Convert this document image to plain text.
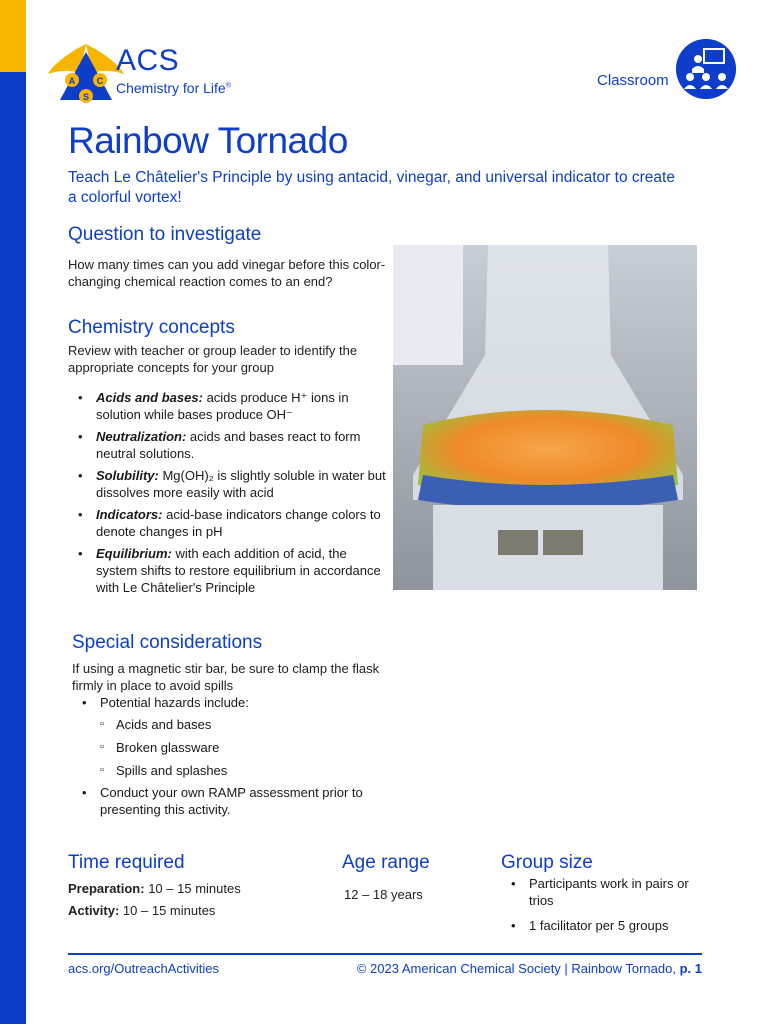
A C
S
ACS
Chemistry for Life®	Classroom
Rainbow Tornado
Teach Le Châtelier's Principle by using antacid, vinegar, and universal indicator to create a colorful vortex!
Question to investigate
How many times can you add vinegar before this color-changing chemical reaction comes to an end?
Chemistry concepts
Review with teacher or group leader to identify the appropriate concepts for your group
• Acids and bases: acids produce H⁺ ions in solution while bases produce OH⁻
• Neutralization: acids and bases react to form neutral solutions.
• Solubility: Mg(OH)₂ is slightly soluble in water but dissolves more easily with acid
• Indicators: acid-base indicators change colors to denote changes in pH
• Equilibrium: with each addition of acid, the system shifts to restore equilibrium in accordance with Le Châtelier's Principle
Special considerations
If using a magnetic stir bar, be sure to clamp the flask firmly in place to avoid spills
• Potential hazards include:
▫ Acids and bases
▫ Broken glassware
▫ Spills and splashes
• Conduct your own RAMP assessment prior to presenting this activity.
Time required
Preparation: 10 – 15 minutes
Activity: 10 – 15 minutes
Age range
12 – 18 years
Group size
• Participants work in pairs or trios
• 1 facilitator per 5 groups
acs.org/OutreachActivities	© 2023 American Chemical Society | Rainbow Tornado, p. 1
